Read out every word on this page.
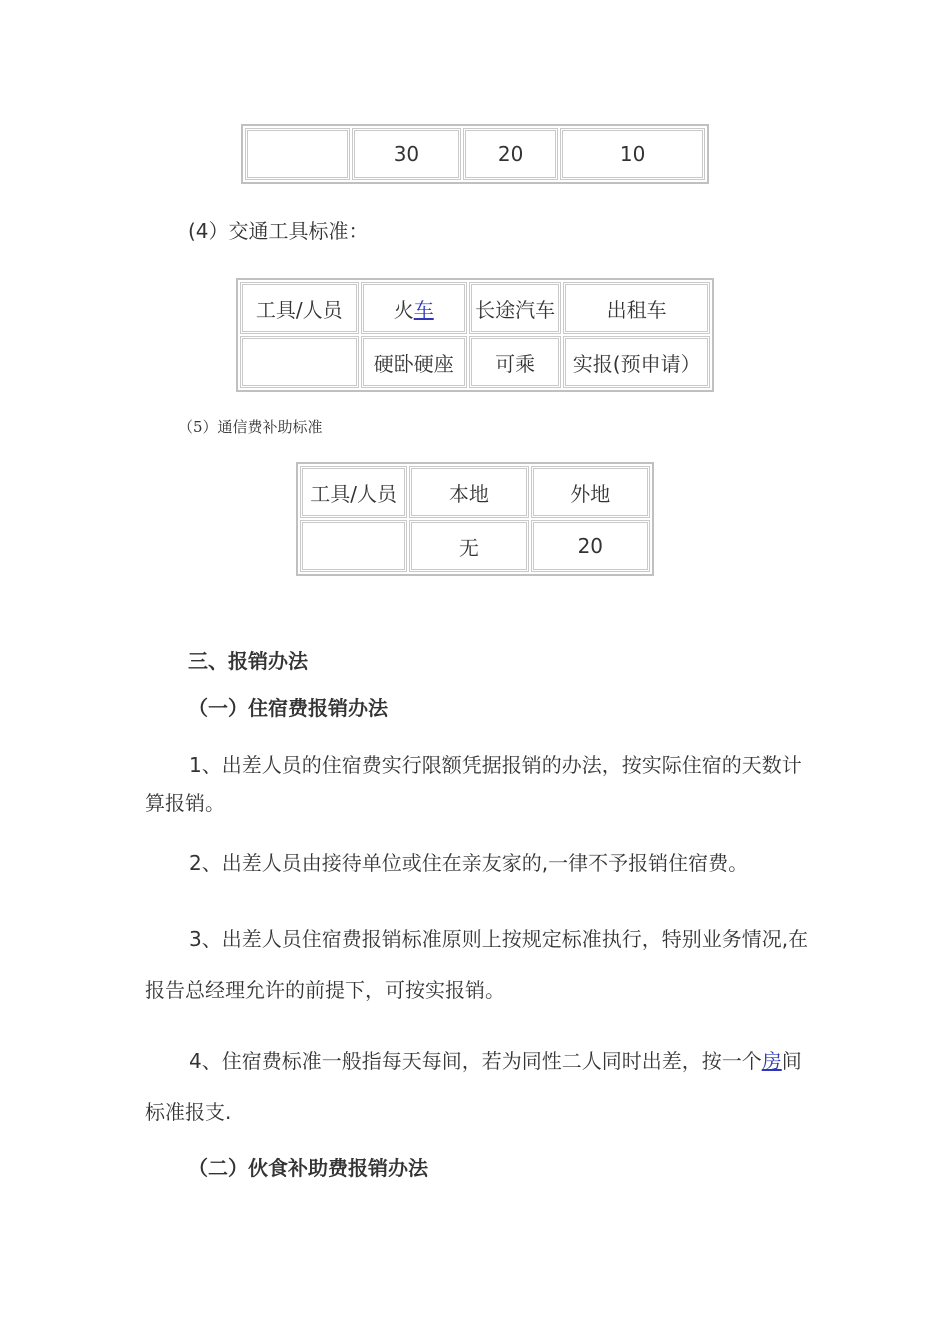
	30	20	10
(4）交通工具标准：
工具/人员	火车	长途汽车	出租车
	硬卧硬座	可乘	实报(预申请）
（5）通信费补助标准
工具/人员	本地	外地
	无	20
三、报销办法
（一）住宿费报销办法
1、出差人员的住宿费实行限额凭据报销的办法，按实际住宿的天数计算报销。
2、出差人员由接待单位或住在亲友家的,一律不予报销住宿费。
3、出差人员住宿费报销标准原则上按规定标准执行，特别业务情况,在报告总经理允许的前提下，可按实报销。
4、住宿费标准一般指每天每间，若为同性二人同时出差，按一个房间标准报支.
（二）伙食补助费报销办法
